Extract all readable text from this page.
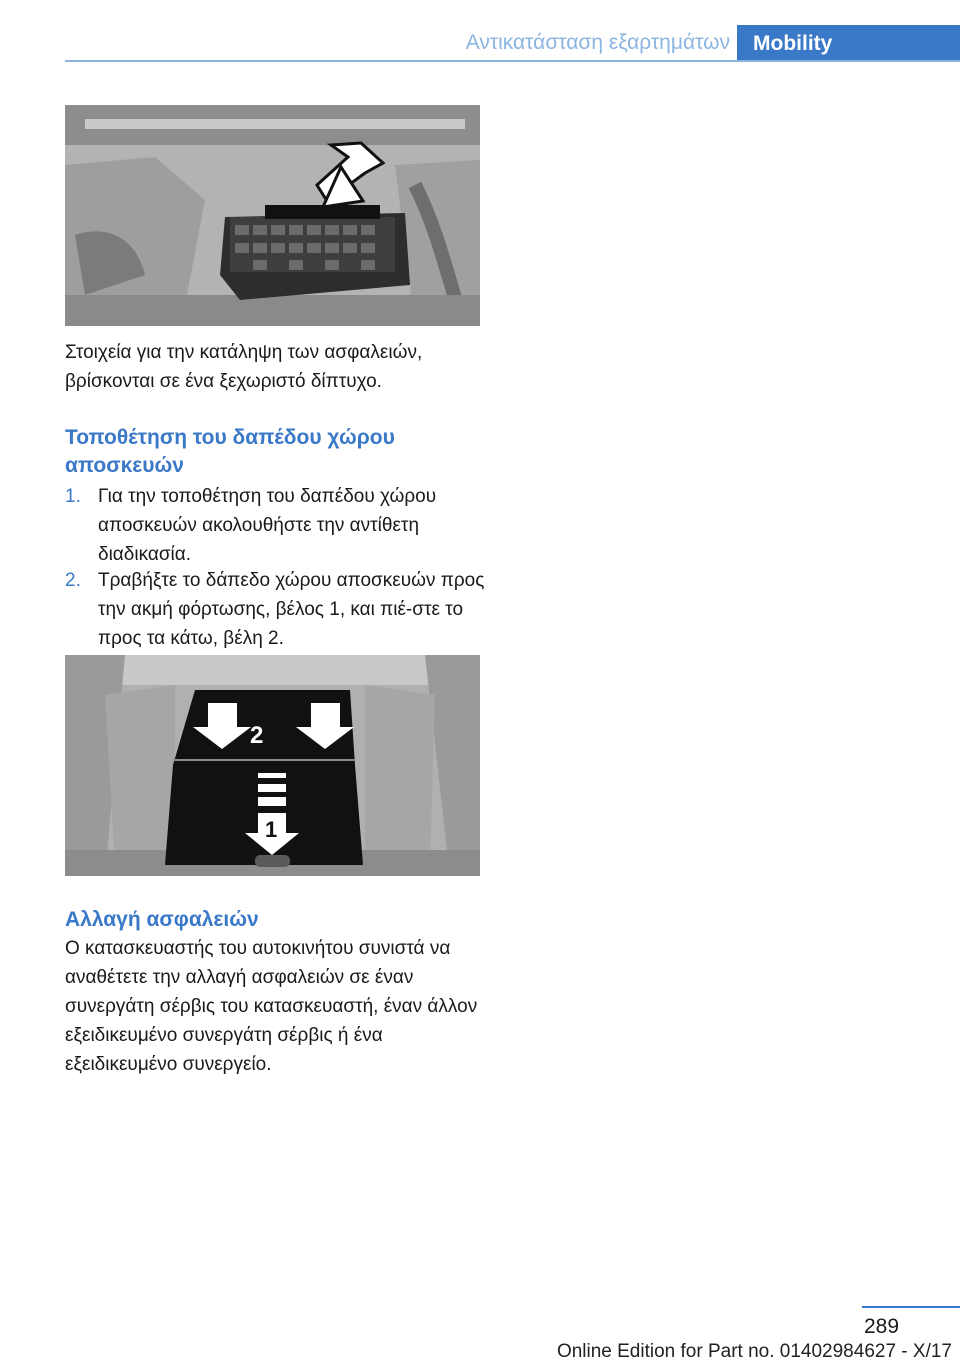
Αντικατάσταση εξαρτημάτων	Mobility

Στοιχεία για την κατάληψη των ασφαλειών, βρίσκονται σε ένα ξεχωριστό δίπτυχο.

Τοποθέτηση του δαπέδου χώρου αποσκευών
1. Για την τοποθέτηση του δαπέδου χώρου αποσκευών ακολουθήστε την αντίθετη διαδικασία.
2. Τραβήξτε το δάπεδο χώρου αποσκευών προς την ακμή φόρτωσης, βέλος 1, και πιέ‐στε το προς τα κάτω, βέλη 2.
2 2
1
Αλλαγή ασφαλειών

Ο κατασκευαστής του αυτοκινήτου συνιστά να αναθέτετε την αλλαγή ασφαλειών σε έναν συνεργάτη σέρβις του κατασκευαστή, έναν άλλον εξειδικευμένο συνεργάτη σέρβις ή ένα εξειδικευμένο συνεργείο.

289
Online Edition for Part no. 01402984627 - X/17
